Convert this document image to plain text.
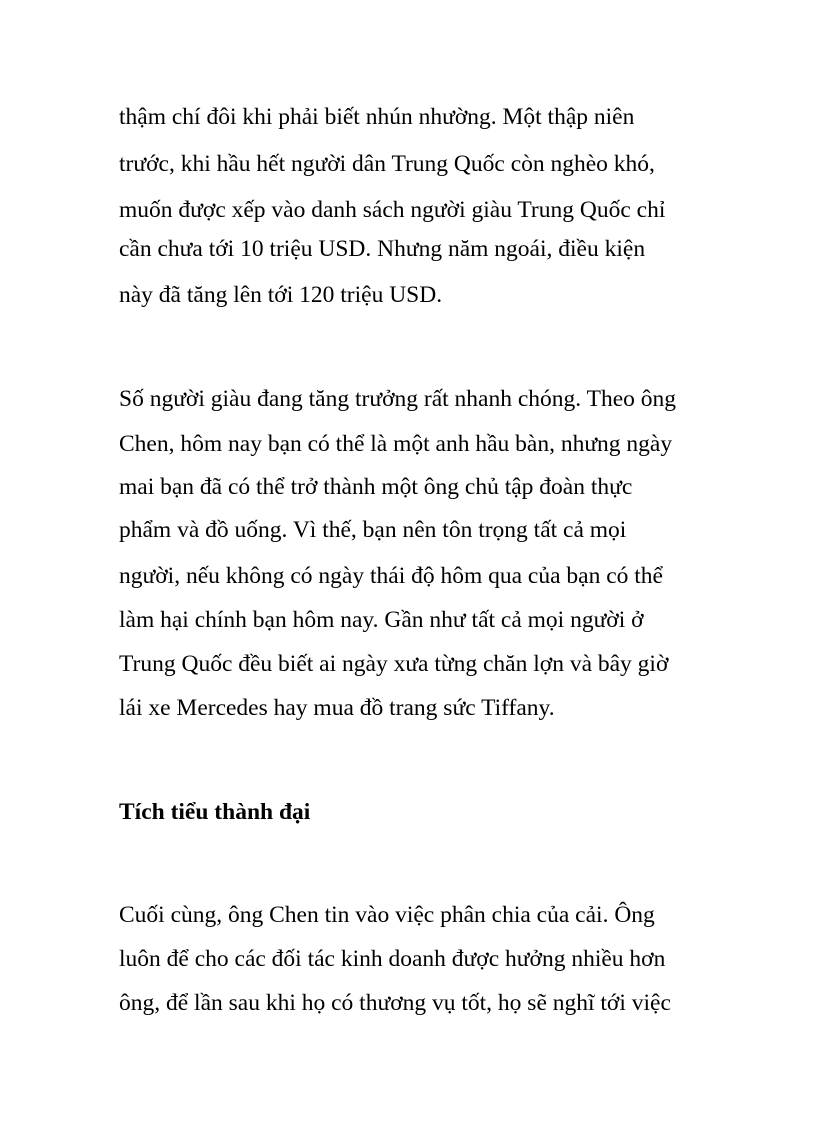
thậm chí đôi khi phải biết nhún nhường. Một thập niên

trước, khi hầu hết người dân Trung Quốc còn nghèo khó,

muốn được xếp vào danh sách người giàu Trung Quốc chỉ

cần chưa tới 10 triệu USD. Nhưng năm ngoái, điều kiện

này đã tăng lên tới 120 triệu USD.

Số người giàu đang tăng trưởng rất nhanh chóng. Theo ông

Chen, hôm nay bạn có thể là một anh hầu bàn, nhưng ngày

mai bạn đã có thể trở thành một ông chủ tập đoàn thực

phẩm và đồ uống. Vì thế, bạn nên tôn trọng tất cả mọi

người, nếu không có ngày thái độ hôm qua của bạn có thể

làm hại chính bạn hôm nay. Gần như tất cả mọi người ở

Trung Quốc đều biết ai ngày xưa từng chăn lợn và bây giờ

lái xe Mercedes hay mua đồ trang sức Tiffany.

Tích tiểu thành đại

Cuối cùng, ông Chen tin vào việc phân chia của cải. Ông

luôn để cho các đối tác kinh doanh được hưởng nhiều hơn

ông, để lần sau khi họ có thương vụ tốt, họ sẽ nghĩ tới việc
